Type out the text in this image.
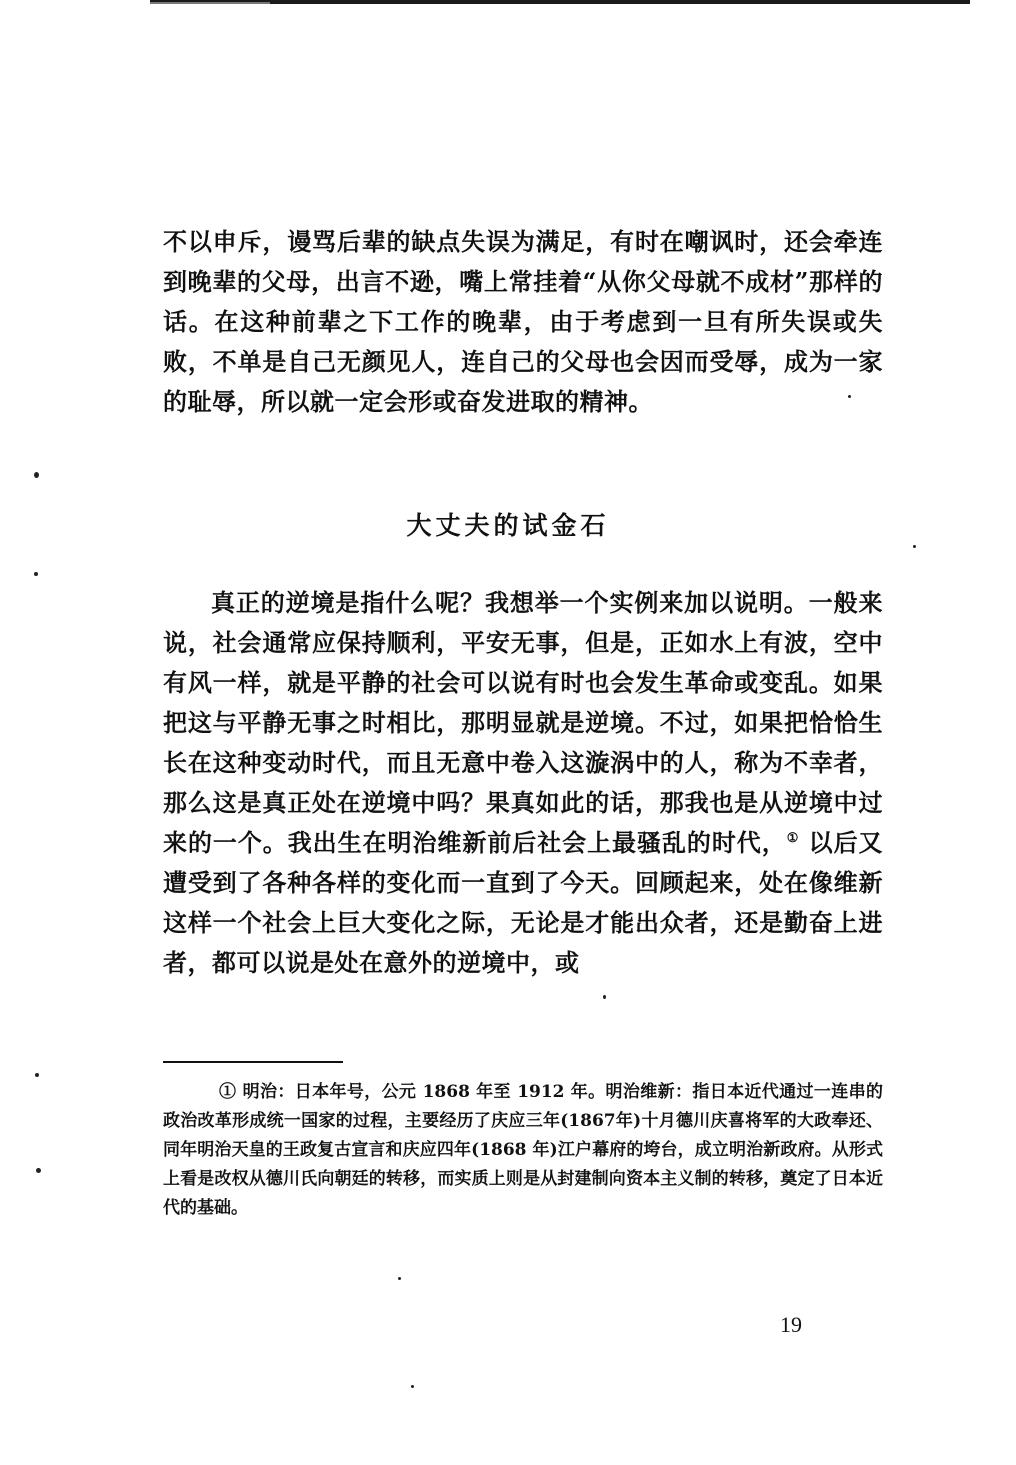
不以申斥，谩骂后辈的缺点失误为满足，有时在嘲讽时，还会牵连到晚辈的父母，出言不逊，嘴上常挂着“从你父母就不成材”那样的话。在这种前辈之下工作的晚辈，由于考虑到一旦有所失误或失败，不单是自己无颜见人，连自己的父母也会因而受辱，成为一家的耻辱，所以就一定会形或奋发进取的精神。

大丈夫的试金石

真正的逆境是指什么呢？我想举一个实例来加以说明。一般来说，社会通常应保持顺利，平安无事，但是，正如水上有波，空中有风一样，就是平静的社会可以说有时也会发生革命或变乱。如果把这与平静无事之时相比，那明显就是逆境。不过，如果把恰恰生长在这种变动时代，而且无意中卷入这漩涡中的人，称为不幸者，那么这是真正处在逆境中吗？果真如此的话，那我也是从逆境中过来的一个。我出生在明治维新前后社会上最骚乱的时代，① 以后又遭受到了各种各样的变化而一直到了今天。回顾起来，处在像维新这样一个社会上巨大变化之际，无论是才能出众者，还是勤奋上进者，都可以说是处在意外的逆境中，或

① 明治：日本年号，公元 1868 年至 1912 年。明治维新：指日本近代通过一连串的政治改革形成统一国家的过程，主要经历了庆应三年(1867年)十月德川庆喜将军的大政奉还、同年明治天皇的王政复古宣言和庆应四年(1868 年)江户幕府的垮台，成立明治新政府。从形式上看是改权从德川氏向朝廷的转移，而实质上则是从封建制向资本主义制的转移，奠定了日本近代的基础。

19
